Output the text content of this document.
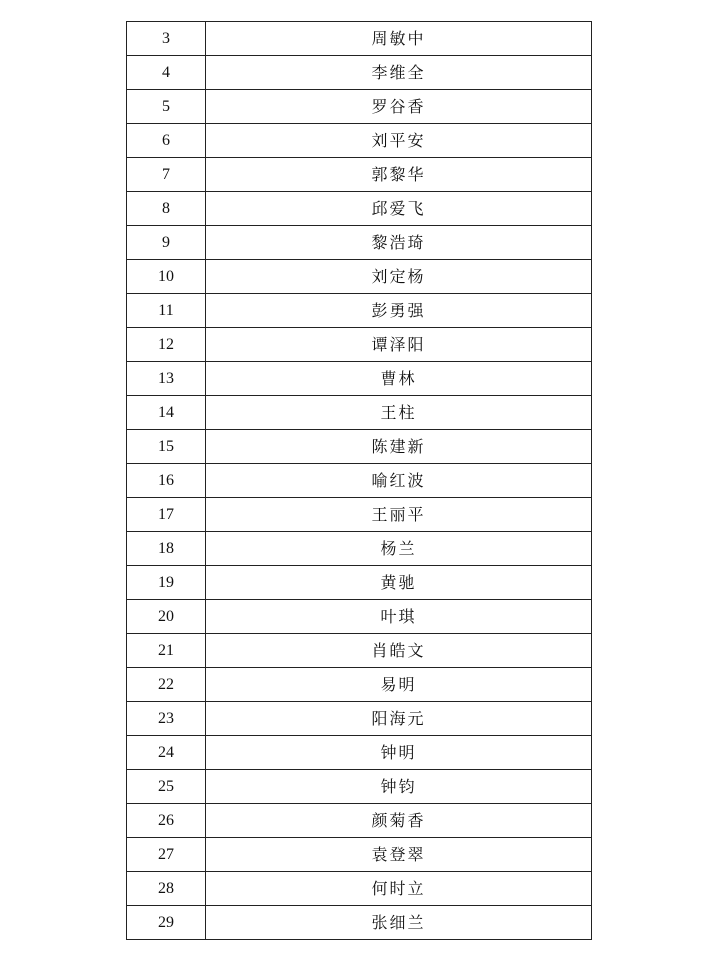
3	周敏中
4	李维全
5	罗谷香
6	刘平安
7	郭黎华
8	邱爱飞
9	黎浩琦
10	刘定杨
11	彭勇强
12	谭泽阳
13	曹林
14	王柱
15	陈建新
16	喻红波
17	王丽平
18	杨兰
19	黄驰
20	叶琪
21	肖皓文
22	易明
23	阳海元
24	钟明
25	钟钧
26	颜菊香
27	袁登翠
28	何时立
29	张细兰
